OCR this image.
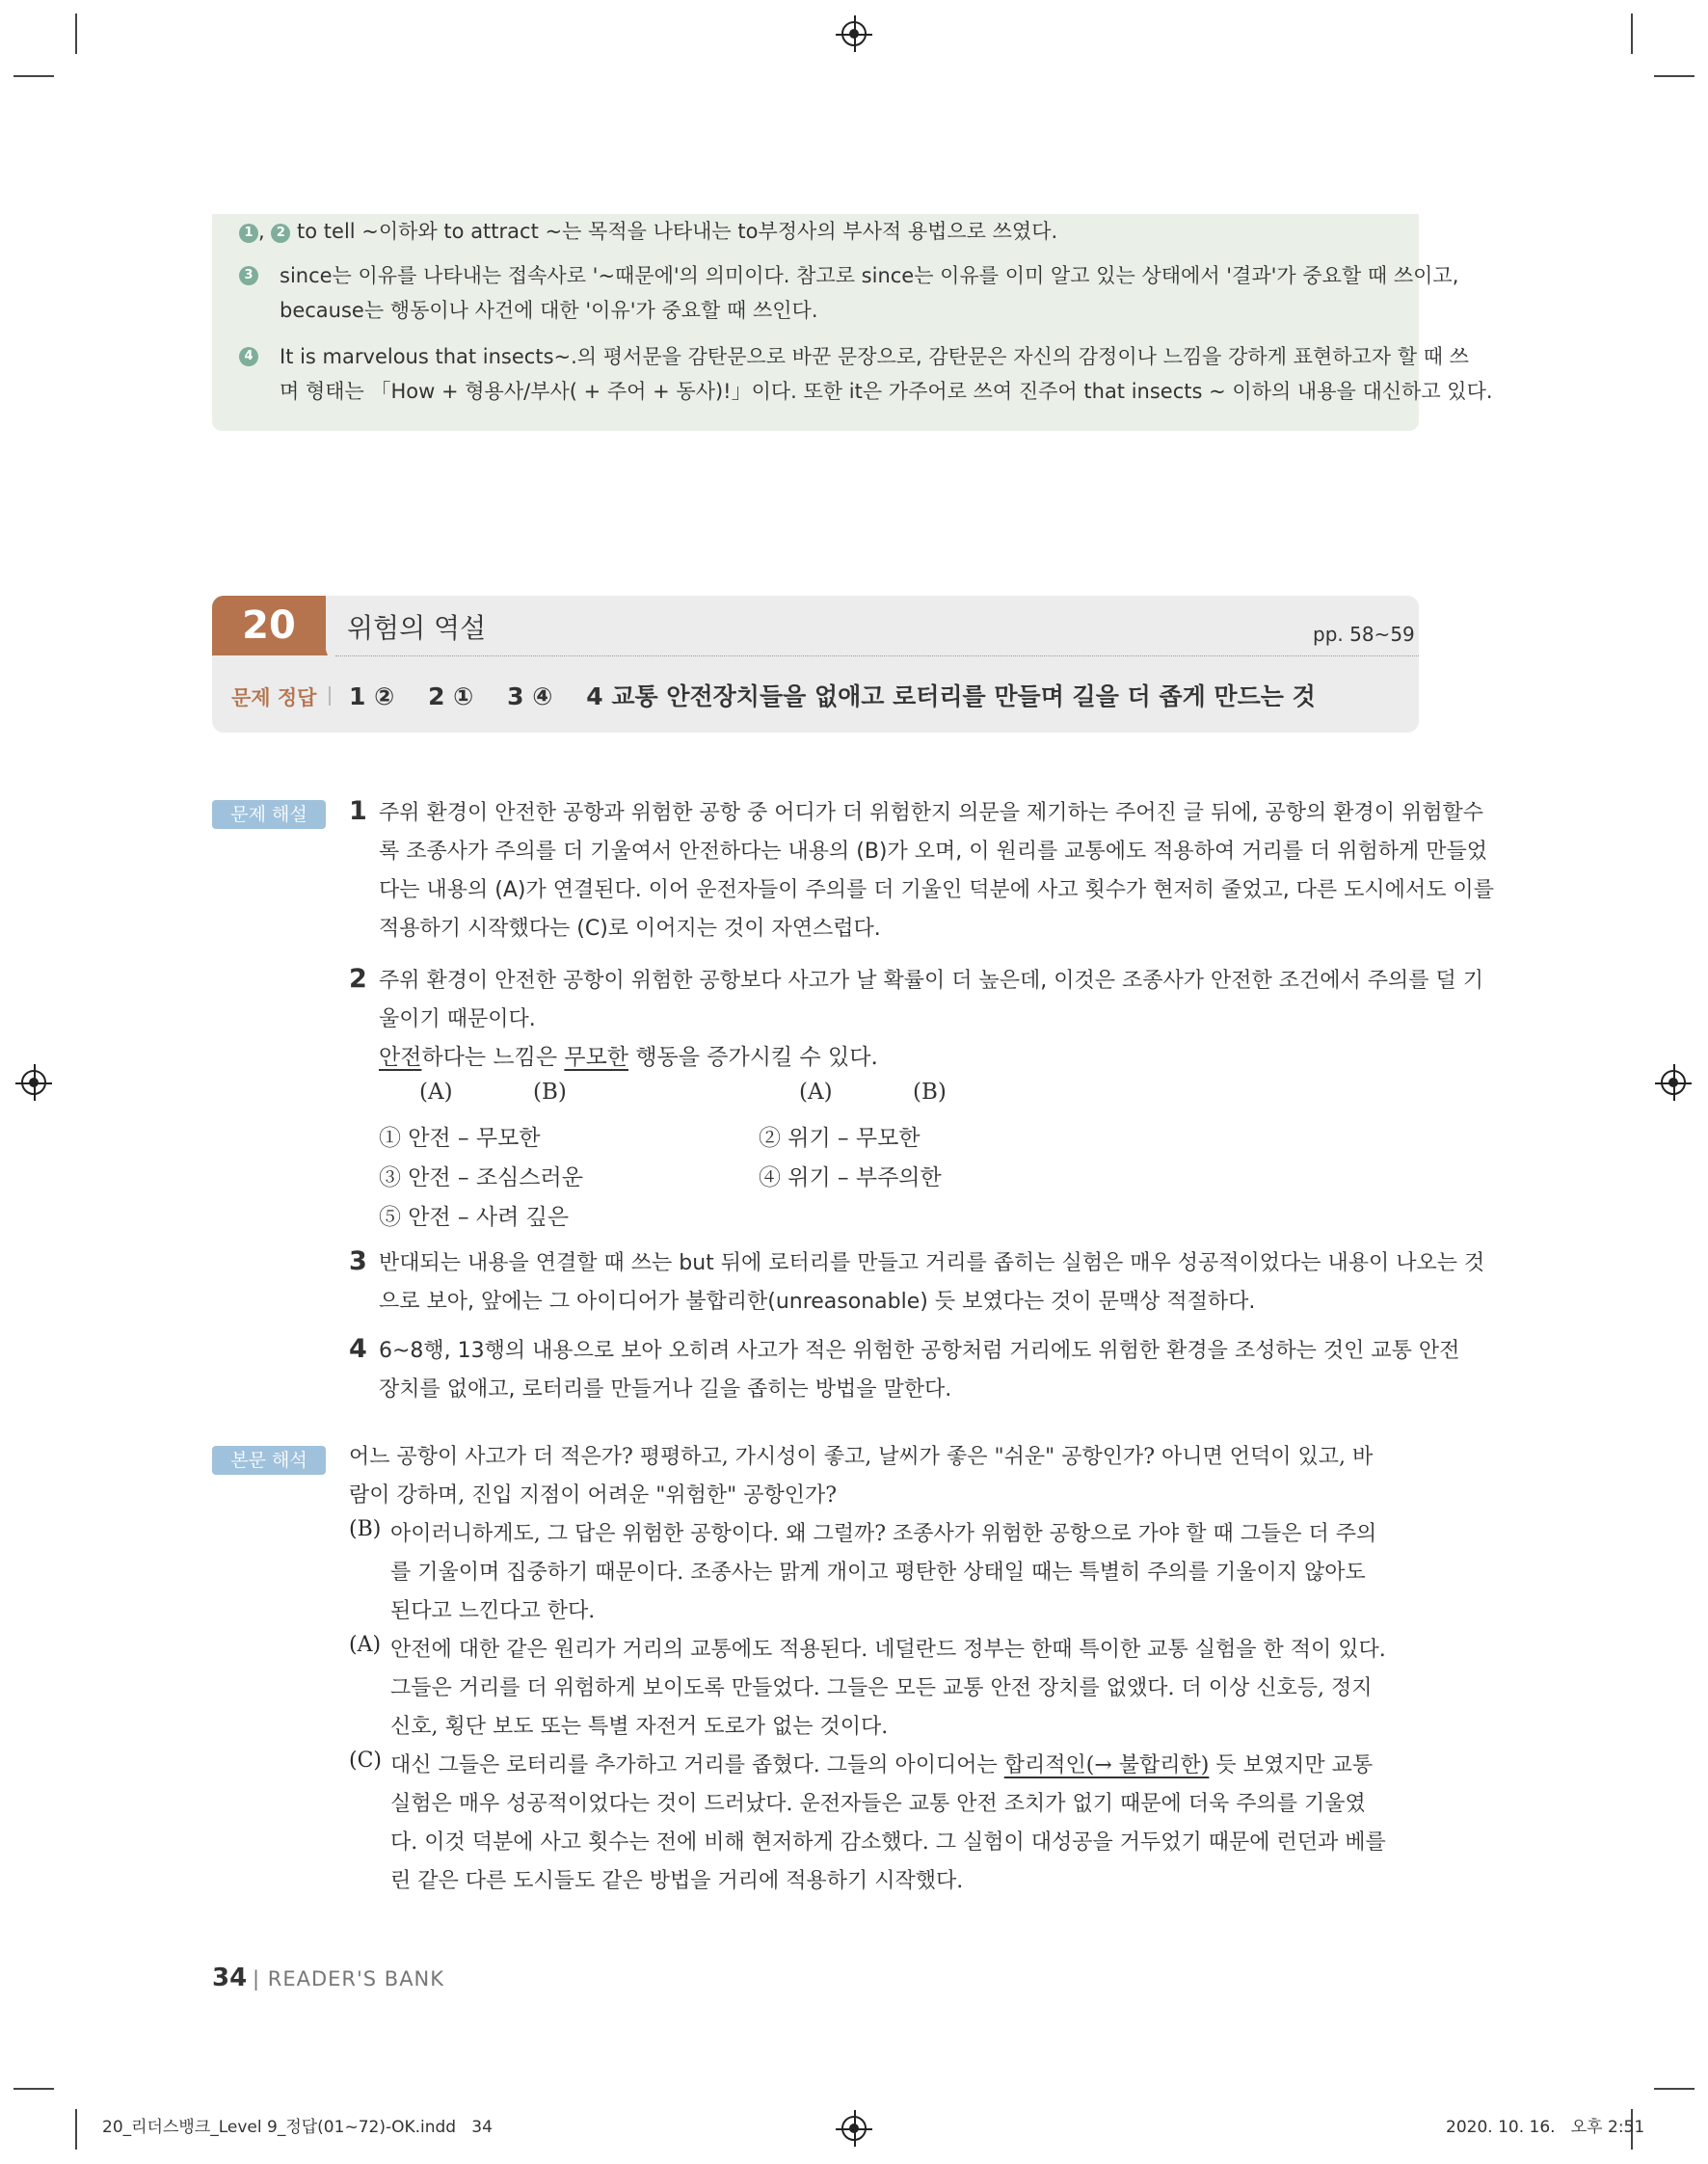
1 , 2 to tell ~이하와 to attract ~는 목적을 나타내는 to부정사의 부사적 용법으로 쓰였다.
3 since는 이유를 나타내는 접속사로 '~때문에'의 의미이다. 참고로 since는 이유를 이미 알고 있는 상태에서 '결과'가 중요할 때 쓰이고,
because는 행동이나 사건에 대한 '이유'가 중요할 때 쓰인다.
4 It is marvelous that insects~.의 평서문을 감탄문으로 바꾼 문장으로, 감탄문은 자신의 감정이나 느낌을 강하게 표현하고자 할 때 쓰
며 형태는 「How + 형용사/부사( + 주어 + 동사)!」이다. 또한 it은 가주어로 쓰여 진주어 that insects ~ 이하의 내용을 대신하고 있다.
20	위험의 역설	pp. 58~59
문제 정답 1 ②    2 ①    3 ④    4 교통 안전장치들을 없애고 로터리를 만들며 길을 더 좁게 만드는 것
문제 해설	1 주위 환경이 안전한 공항과 위험한 공항 중 어디가 더 위험한지 의문을 제기하는 주어진 글 뒤에, 공항의 환경이 위험할수
록 조종사가 주의를 더 기울여서 안전하다는 내용의 (B)가 오며, 이 원리를 교통에도 적용하여 거리를 더 위험하게 만들었
다는 내용의 (A)가 연결된다. 이어 운전자들이 주의를 더 기울인 덕분에 사고 횟수가 현저히 줄었고, 다른 도시에서도 이를
적용하기 시작했다는 (C)로 이어지는 것이 자연스럽다.
2 주위 환경이 안전한 공항이 위험한 공항보다 사고가 날 확률이 더 높은데, 이것은 조종사가 안전한 조건에서 주의를 덜 기
울이기 때문이다.
안전하다는 느낌은 무모한 행동을 증가시킬 수 있다.
(A)	(B)	(A)	(B)
① 안전 – 무모한	② 위기 – 무모한
③ 안전 – 조심스러운	④ 위기 – 부주의한
⑤ 안전 – 사려 깊은
3 반대되는 내용을 연결할 때 쓰는 but 뒤에 로터리를 만들고 거리를 좁히는 실험은 매우 성공적이었다는 내용이 나오는 것
으로 보아, 앞에는 그 아이디어가 불합리한(unreasonable) 듯 보였다는 것이 문맥상 적절하다.
4 6~8행, 13행의 내용으로 보아 오히려 사고가 적은 위험한 공항처럼 거리에도 위험한 환경을 조성하는 것인 교통 안전
장치를 없애고, 로터리를 만들거나 길을 좁히는 방법을 말한다.
본문 해석	어느 공항이 사고가 더 적은가? 평평하고, 가시성이 좋고, 날씨가 좋은 "쉬운" 공항인가? 아니면 언덕이 있고, 바
람이 강하며, 진입 지점이 어려운 "위험한" 공항인가?
(B) 아이러니하게도, 그 답은 위험한 공항이다. 왜 그럴까? 조종사가 위험한 공항으로 가야 할 때 그들은 더 주의
를 기울이며 집중하기 때문이다. 조종사는 맑게 개이고 평탄한 상태일 때는 특별히 주의를 기울이지 않아도
된다고 느낀다고 한다.
(A) 안전에 대한 같은 원리가 거리의 교통에도 적용된다. 네덜란드 정부는 한때 특이한 교통 실험을 한 적이 있다.
그들은 거리를 더 위험하게 보이도록 만들었다. 그들은 모든 교통 안전 장치를 없앴다. 더 이상 신호등, 정지
신호, 횡단 보도 또는 특별 자전거 도로가 없는 것이다.
(C) 대신 그들은 로터리를 추가하고 거리를 좁혔다. 그들의 아이디어는 합리적인(→ 불합리한) 듯 보였지만 교통
실험은 매우 성공적이었다는 것이 드러났다. 운전자들은 교통 안전 조치가 없기 때문에 더욱 주의를 기울였
다. 이것 덕분에 사고 횟수는 전에 비해 현저하게 감소했다. 그 실험이 대성공을 거두었기 때문에 런던과 베를
린 같은 다른 도시들도 같은 방법을 거리에 적용하기 시작했다.
34 | READER'S BANK
20_리더스뱅크_Level 9_정답(01~72)-OK.indd   34	2020. 10. 16.   오후 2:51
